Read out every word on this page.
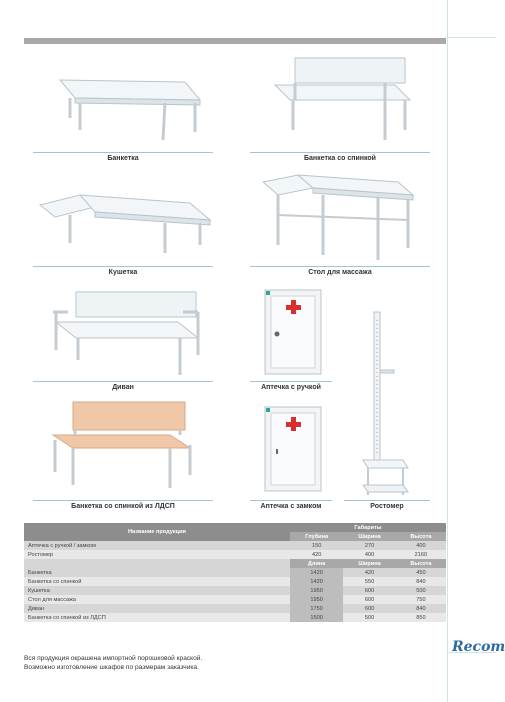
Банкетка	Банкетка со спинкой
Кушетка	Стол для массажа
Диван	Аптечка с ручкой
Ростомер
Банкетка со спинкой из ЛДСП	Аптечка с замком
Название продукции	Габариты		
	Глубина	Ширина	Высота
Аптечка с ручкой / замком	150	270	400
Ростомер	420	400	2160
	Длина	Ширина	Высота
Банкетка	1420	420	450
Банкетка со спинкой	1420	550	840
Кушетка	1950	600	500
Стол для массажа	1950	600	750
Диван	1750	600	840
Банкетка со спинкой из ЛДСП	1500	500	850
Вся продукция окрашена импортной порошковой краской.
Возможно изготовление шкафов по размерам заказчика.
Recom
